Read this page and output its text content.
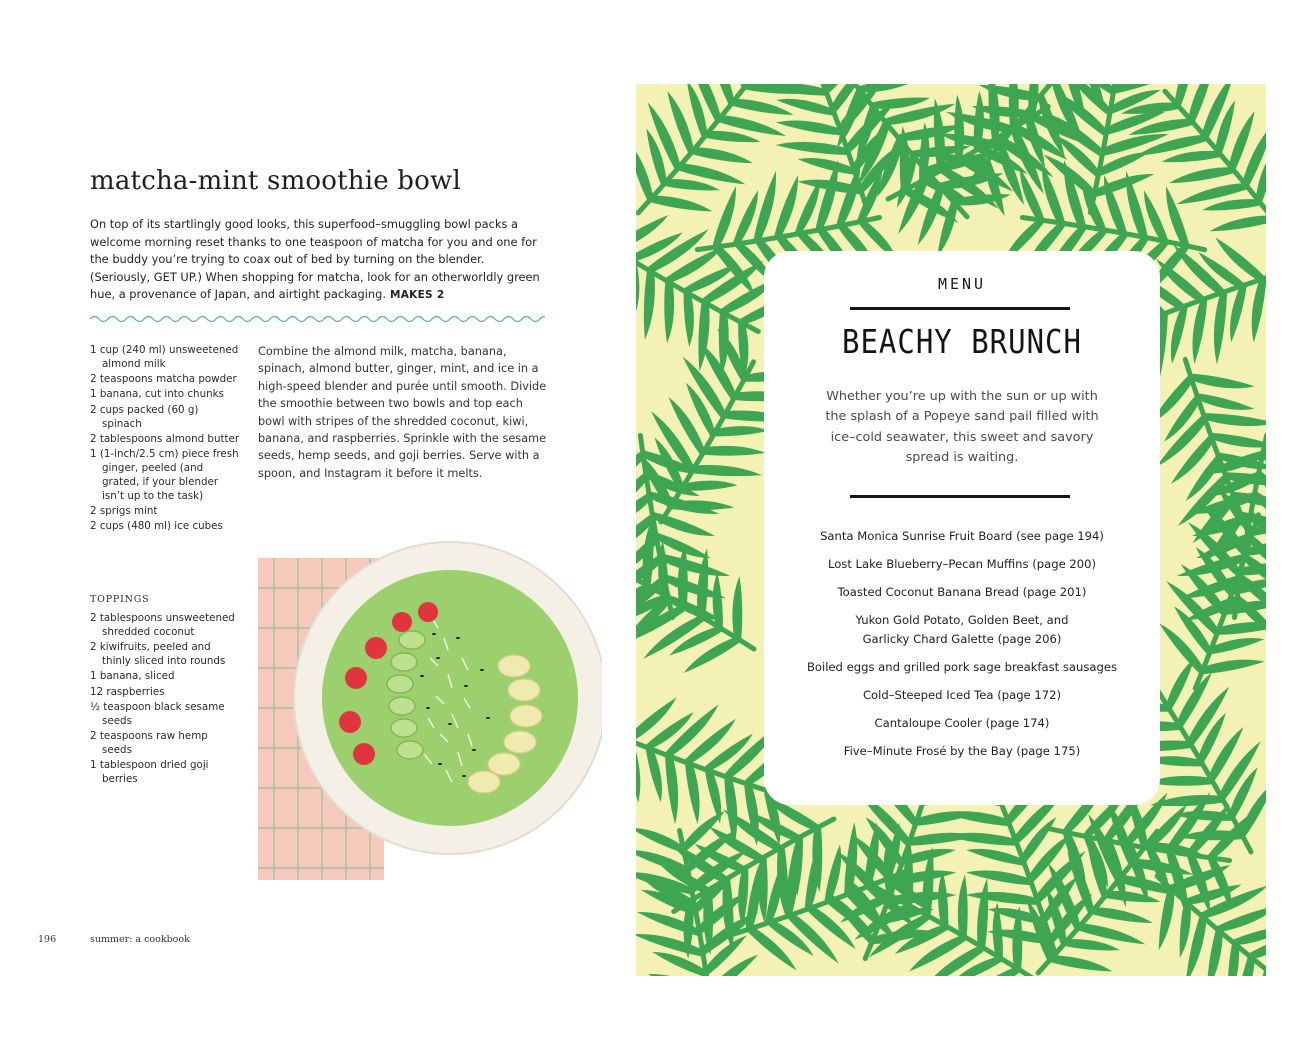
matcha-mint smoothie bowl

On top of its startlingly good looks, this superfood–smuggling bowl packs a welcome morning reset thanks to one teaspoon of matcha for you and one for the buddy you’re trying to coax out of bed by turning on the blender. (Seriously, GET UP.) When shopping for matcha, look for an otherworldly green hue, a provenance of Japan, and airtight packaging. MAKES 2

1 cup (240 ml) unsweetened almond milk
2 teaspoons matcha powder
1 banana, cut into chunks
2 cups packed (60 g) spinach
2 tablespoons almond butter
1 (1-inch/2.5 cm) piece fresh ginger, peeled (and grated, if your blender isn’t up to the task)
2 sprigs mint
2 cups (480 ml) ice cubes
TOPPINGS
2 tablespoons unsweetened shredded coconut
2 kiwifruits, peeled and thinly sliced into rounds
1 banana, sliced
12 raspberries
½ teaspoon black sesame seeds
2 teaspoons raw hemp seeds
1 tablespoon dried goji berries

Combine the almond milk, matcha, banana, spinach, almond butter, ginger, mint, and ice in a high-speed blender and purée until smooth. Divide the smoothie between two bowls and top each bowl with stripes of the shredded coconut, kiwi, banana, and raspberries. Sprinkle with the sesame seeds, hemp seeds, and goji berries. Serve with a spoon, and Instagram it before it melts.

196	summer: a cookbook

MENU

BEACHY BRUNCH

Whether you’re up with the sun or up with the splash of a Popeye sand pail filled with ice–cold seawater, this sweet and savory spread is waiting.

Santa Monica Sunrise Fruit Board (see page 194)
Lost Lake Blueberry–Pecan Muffins (page 200)
Toasted Coconut Banana Bread (page 201)
Yukon Gold Potato, Golden Beet, and Garlicky Chard Galette (page 206)
Boiled eggs and grilled pork sage breakfast sausages
Cold–Steeped Iced Tea (page 172)
Cantaloupe Cooler (page 174)
Five–Minute Frosé by the Bay (page 175)
